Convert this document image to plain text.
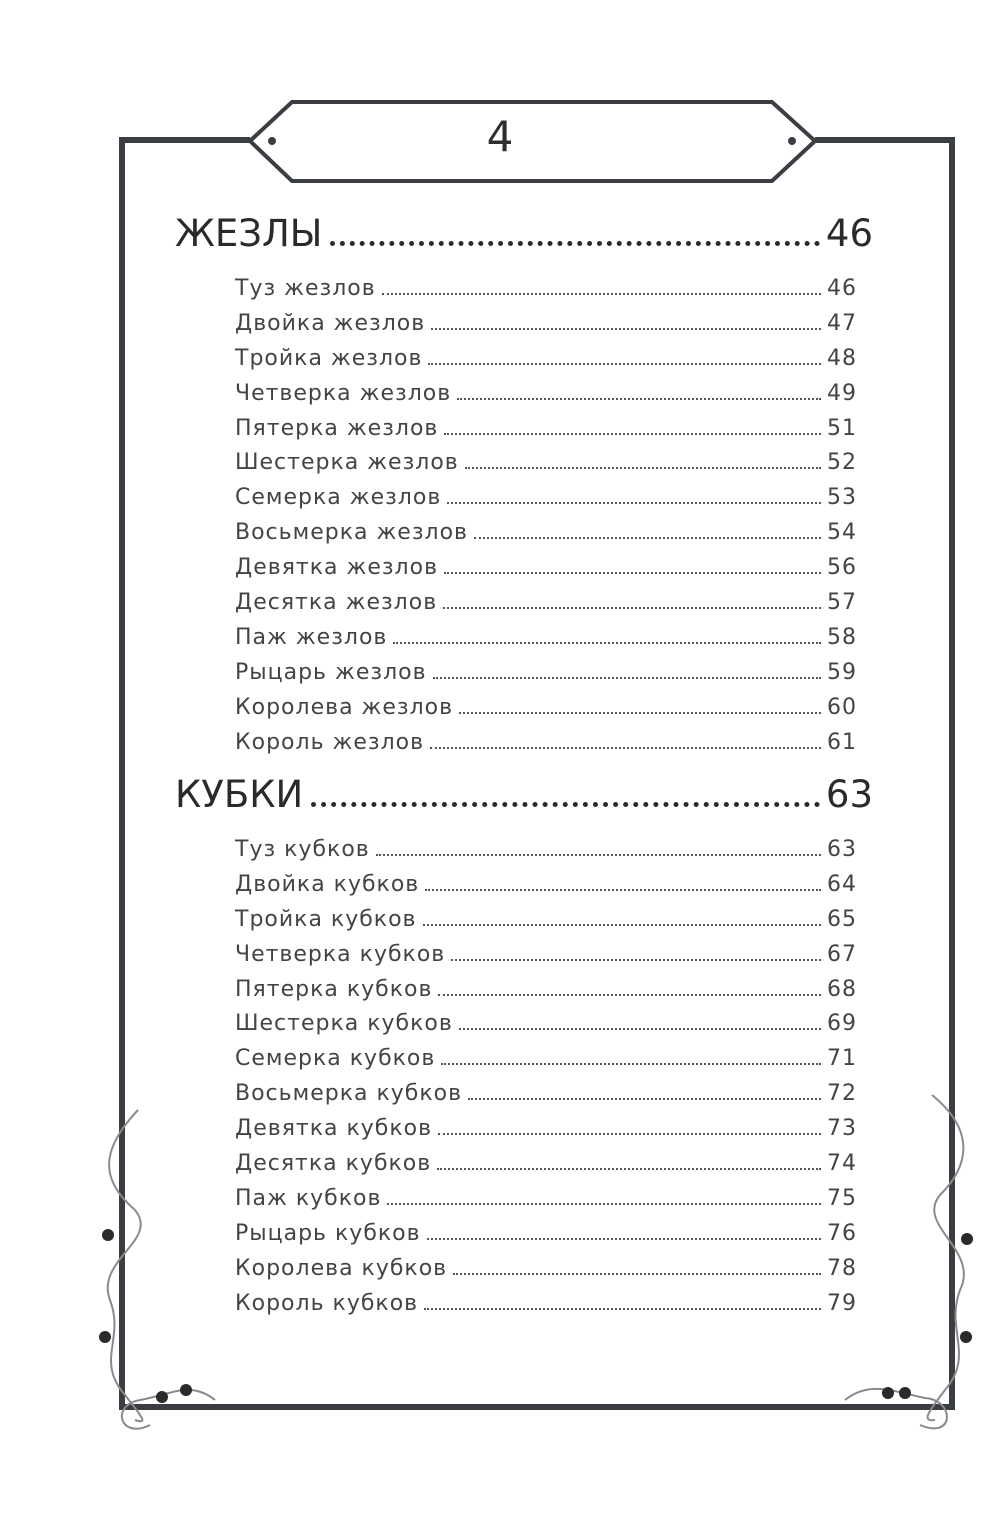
4
ЖЕЗЛЫ	46
Туз жезлов	46
Двойка жезлов	47
Тройка жезлов	48
Четверка жезлов	49
Пятерка жезлов	51
Шестерка жезлов	52
Семерка жезлов	53
Восьмерка жезлов	54
Девятка жезлов	56
Десятка жезлов	57
Паж жезлов	58
Рыцарь жезлов	59
Королева жезлов	60
Король жезлов	61
КУБКИ	63
Туз кубков	63
Двойка кубков	64
Тройка кубков	65
Четверка кубков	67
Пятерка кубков	68
Шестерка кубков	69
Семерка кубков	71
Восьмерка кубков	72
Девятка кубков	73
Десятка кубков	74
Паж кубков	75
Рыцарь кубков	76
Королева кубков	78
Король кубков	79
